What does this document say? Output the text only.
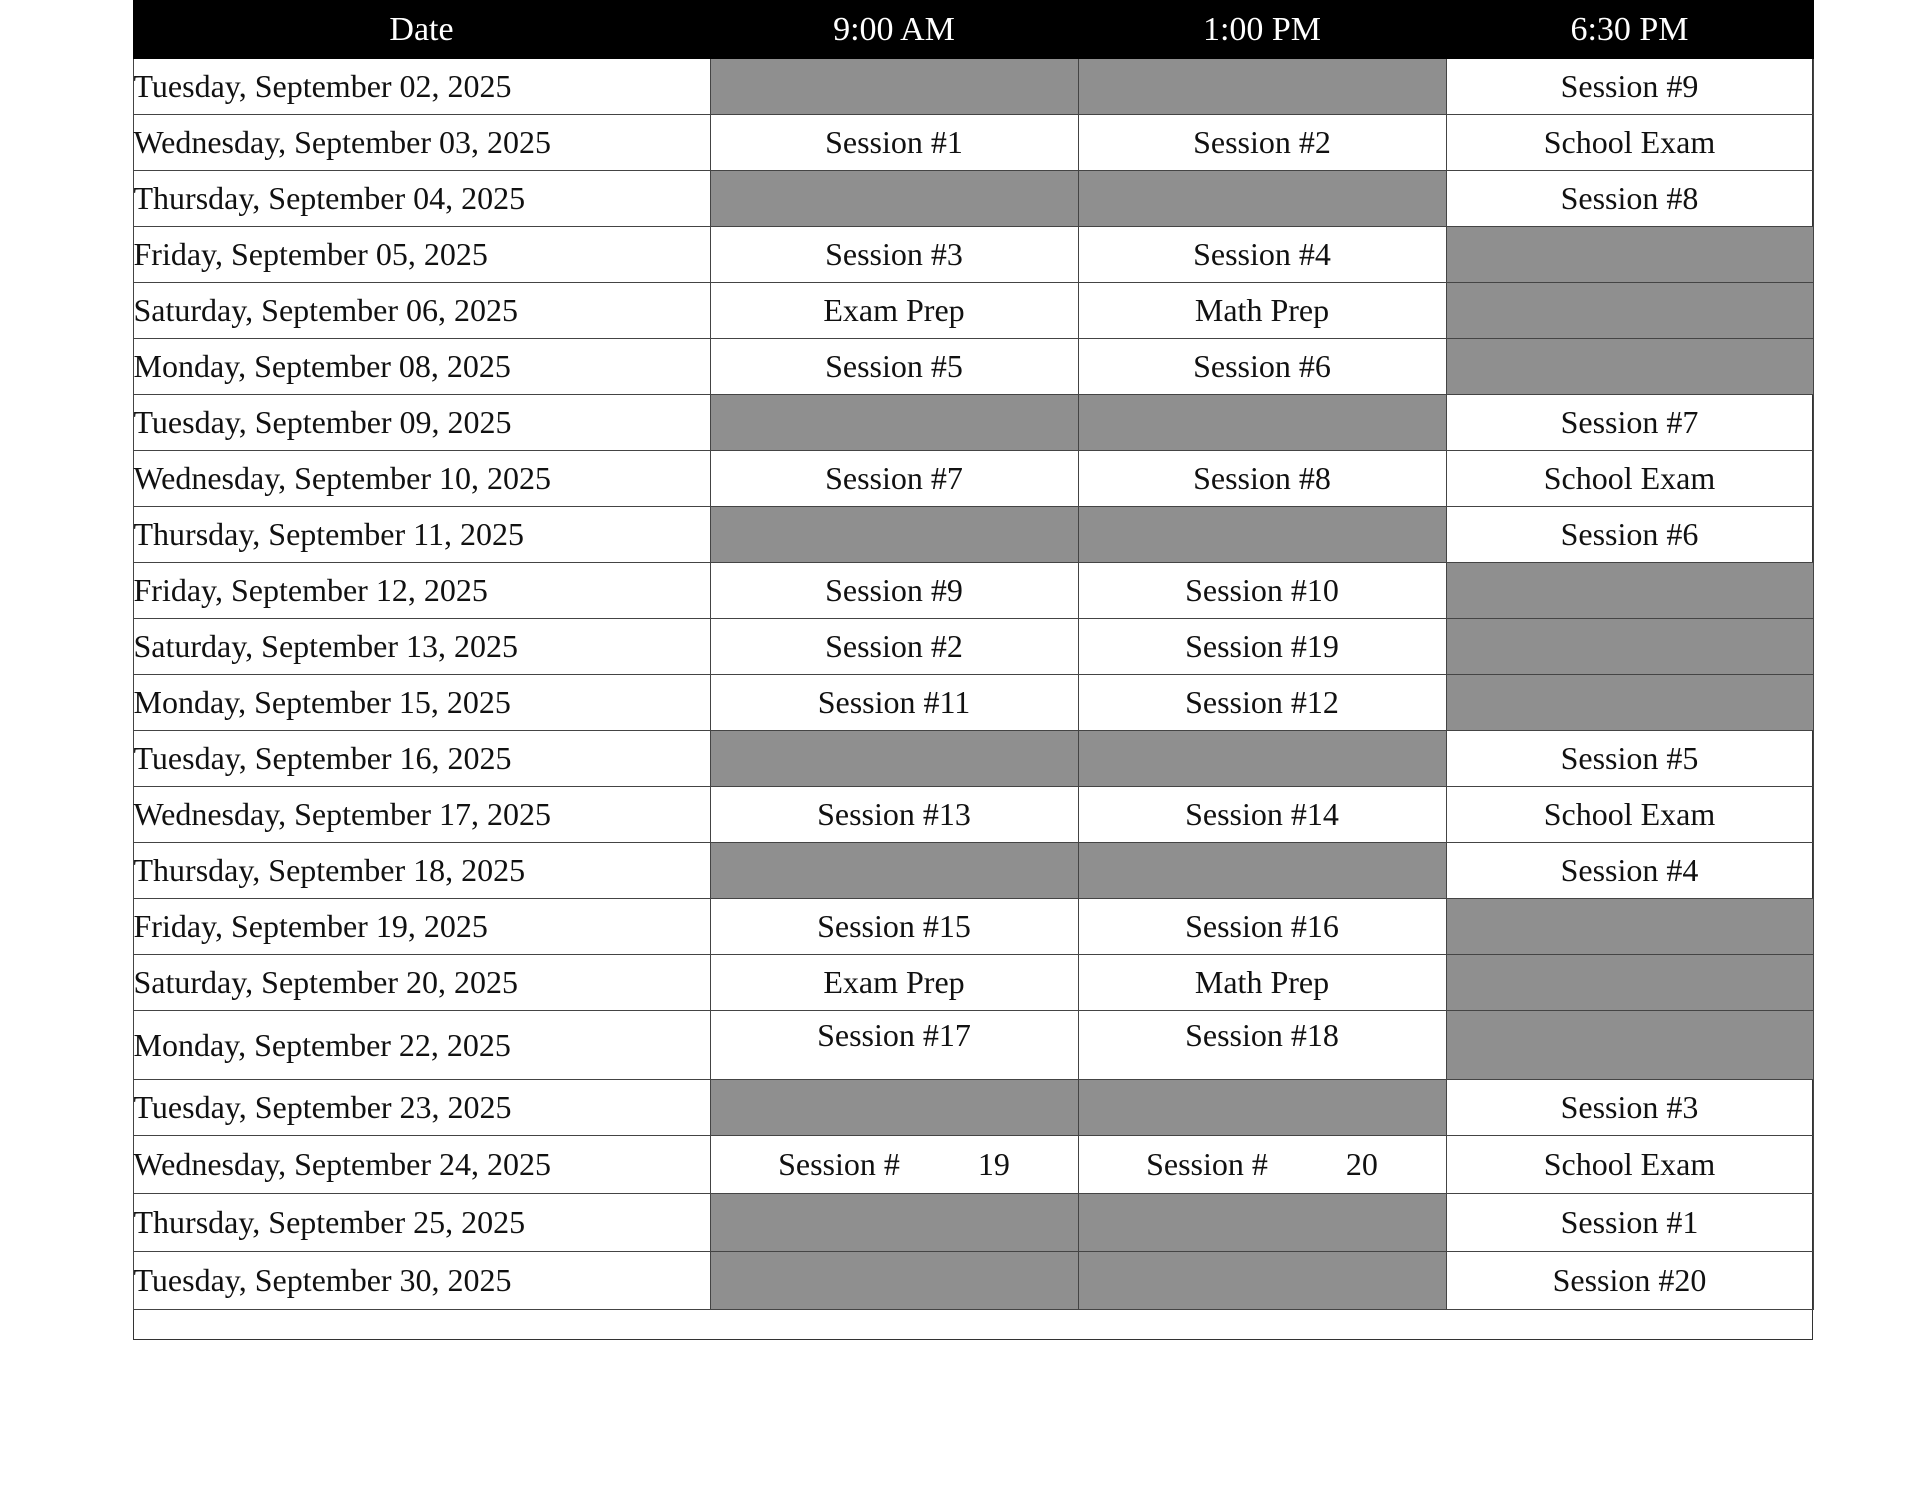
Date	9:00 AM	1:00 PM	6:30 PM
Tuesday, September 02, 2025			Session #9
Wednesday, September 03, 2025	Session #1	Session #2	School Exam
Thursday, September 04, 2025			Session #8
Friday, September 05, 2025	Session #3	Session #4	
Saturday, September 06, 2025	Exam Prep	Math Prep	
Monday, September 08, 2025	Session #5	Session #6	
Tuesday, September 09, 2025			Session #7
Wednesday, September 10, 2025	Session #7	Session #8	School Exam
Thursday, September 11, 2025			Session #6
Friday, September 12, 2025	Session #9	Session #10	
Saturday, September 13, 2025	Session #2	Session #19	
Monday, September 15, 2025	Session #11	Session #12	
Tuesday, September 16, 2025			Session #5
Wednesday, September 17, 2025	Session #13	Session #14	School Exam
Thursday, September 18, 2025			Session #4
Friday, September 19, 2025	Session #15	Session #16	
Saturday, September 20, 2025	Exam Prep	Math Prep	
Monday, September 22, 2025	Session #17	Session #18	
Tuesday, September 23, 2025			Session #3
Wednesday, September 24, 2025	Session # 19	Session # 20	School Exam
Thursday, September 25, 2025			Session #1
Tuesday, September 30, 2025			Session #20
